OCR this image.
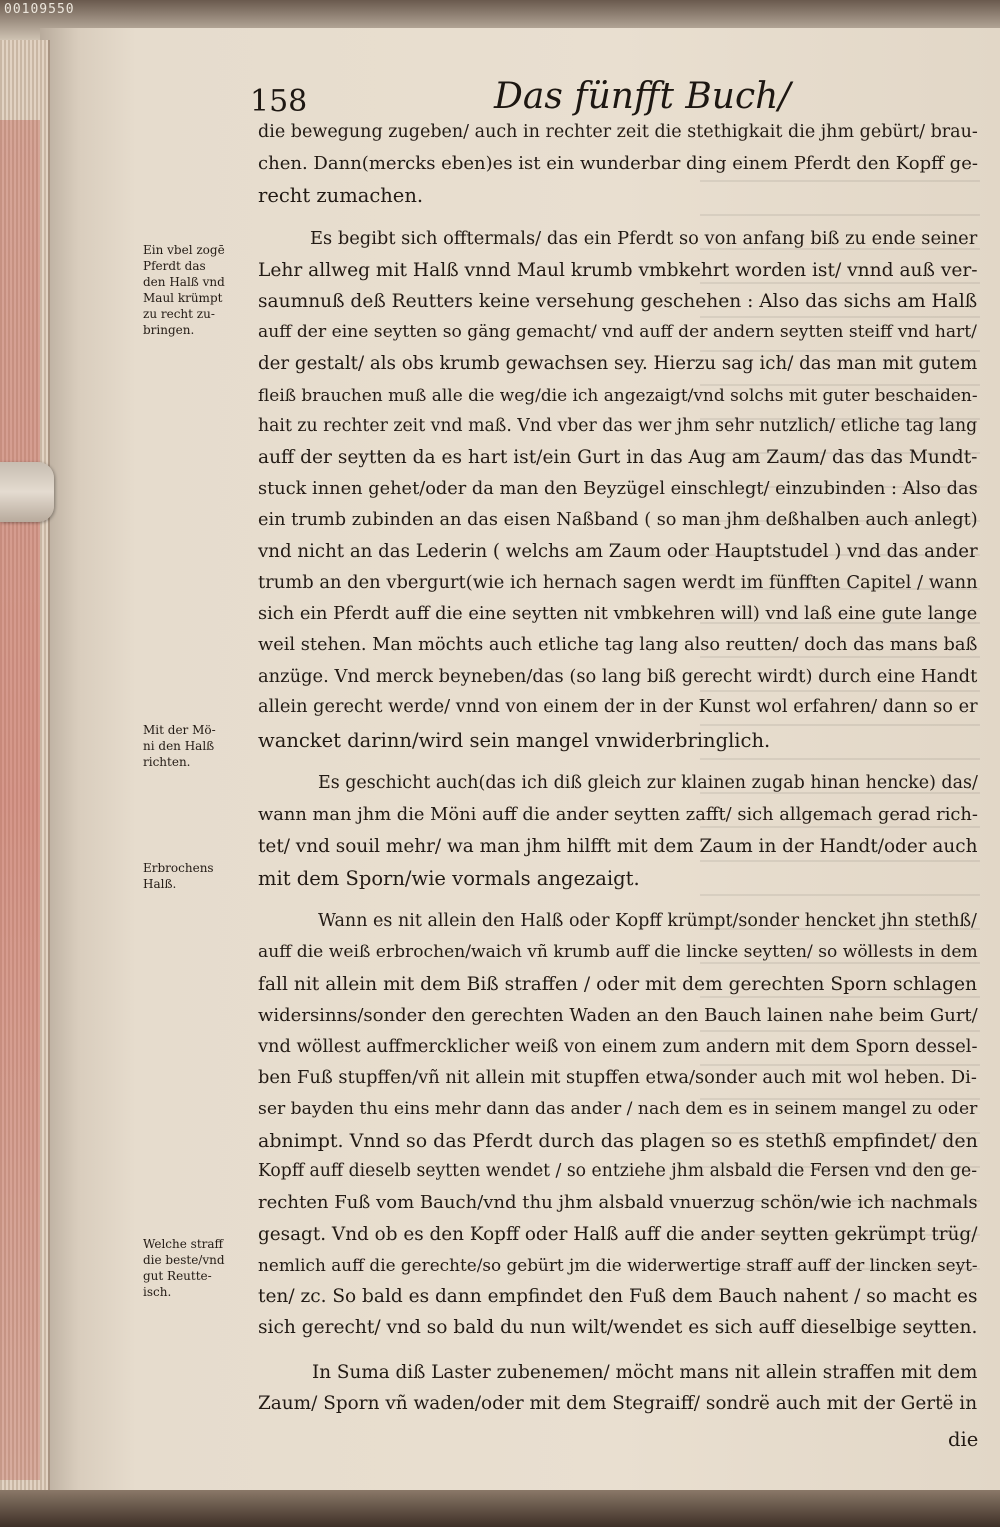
00109550
158	Das fünfft Buch/
die bewegung zugeben/ auch in rechter zeit die stethigkait die jhm gebürt/ brau-
chen. Dann(mercks eben)es ist ein wunderbar ding einem Pferdt den Kopff ge-
recht zumachen.
Es begibt sich offtermals/ das ein Pferdt so von anfang biß zu ende seiner
Lehr allweg mit Halß vnnd Maul krumb vmbkehrt worden ist/ vnnd auß ver-
saumnuß deß Reutters keine versehung geschehen : Also das sichs am Halß
auff der eine seytten so gäng gemacht/ vnd auff der andern seytten steiff vnd hart/
der gestalt/ als obs krumb gewachsen sey. Hierzu sag ich/ das man mit gutem
fleiß brauchen muß alle die weg/die ich angezaigt/vnd solchs mit guter beschaiden-
hait zu rechter zeit vnd maß. Vnd vber das wer jhm sehr nutzlich/ etliche tag lang
auff der seytten da es hart ist/ein Gurt in das Aug am Zaum/ das das Mundt-
stuck innen gehet/oder da man den Beyzügel einschlegt/ einzubinden : Also das
ein trumb zubinden an das eisen Naßband ( so man jhm deßhalben auch anlegt)
vnd nicht an das Lederin ( welchs am Zaum oder Hauptstudel ) vnd das ander
trumb an den vbergurt(wie ich hernach sagen werdt im fünfften Capitel / wann
sich ein Pferdt auff die eine seytten nit vmbkehren will) vnd laß eine gute lange
weil stehen. Man möchts auch etliche tag lang also reutten/ doch das mans baß
anzüge. Vnd merck beyneben/das (so lang biß gerecht wirdt) durch eine Handt
allein gerecht werde/ vnnd von einem der in der Kunst wol erfahren/ dann so er
wancket darinn/wird sein mangel vnwiderbringlich.
Es geschicht auch(das ich diß gleich zur klainen zugab hinan hencke) das/
wann man jhm die Möni auff die ander seytten zafft/ sich allgemach gerad rich-
tet/ vnd souil mehr/ wa man jhm hilfft mit dem Zaum in der Handt/oder auch
mit dem Sporn/wie vormals angezaigt.
Wann es nit allein den Halß oder Kopff krümpt/sonder hencket jhn stethß/
auff die weiß erbrochen/waich vñ krumb auff die lincke seytten/ so wöllests in dem
fall nit allein mit dem Biß straffen / oder mit dem gerechten Sporn schlagen
widersinns/sonder den gerechten Waden an den Bauch lainen nahe beim Gurt/
vnd wöllest auffmercklicher weiß von einem zum andern mit dem Sporn dessel-
ben Fuß stupffen/vñ nit allein mit stupffen etwa/sonder auch mit wol heben. Di-
ser bayden thu eins mehr dann das ander / nach dem es in seinem mangel zu oder
abnimpt. Vnnd so das Pferdt durch das plagen so es stethß empfindet/ den
Kopff auff dieselb seytten wendet / so entziehe jhm alsbald die Fersen vnd den ge-
rechten Fuß vom Bauch/vnd thu jhm alsbald vnuerzug schön/wie ich nachmals
gesagt. Vnd ob es den Kopff oder Halß auff die ander seytten gekrümpt trüg/
nemlich auff die gerechte/so gebürt jm die widerwertige straff auff der lincken seyt-
ten/ zc. So bald es dann empfindet den Fuß dem Bauch nahent / so macht es
sich gerecht/ vnd so bald du nun wilt/wendet es sich auff dieselbige seytten.
In Suma diß Laster zubenemen/ möcht mans nit allein straffen mit dem
Zaum/ Sporn vñ waden/oder mit dem Stegraiff/ sondrë auch mit der Gertë in
die
Ein vbel zogē
Pferdt das
den Halß vnd
Maul krümpt
zu recht zu-
bringen.
Mit der Mö-
ni den Halß
richten.
Erbrochens
Halß.
Welche straff
die beste/vnd
gut Reutte-
isch.
